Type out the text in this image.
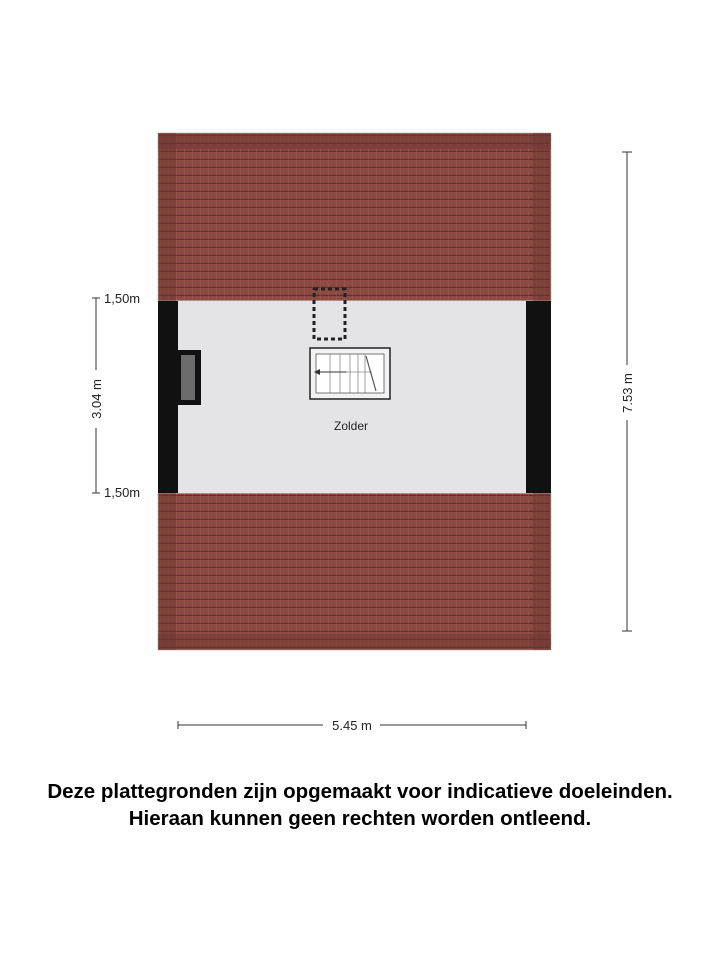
Zolder
7.53 m
3.04 m
1,50m
1,50m
5.45 m
Deze plattegronden zijn opgemaakt voor indicatieve doeleinden.
Hieraan kunnen geen rechten worden ontleend.
